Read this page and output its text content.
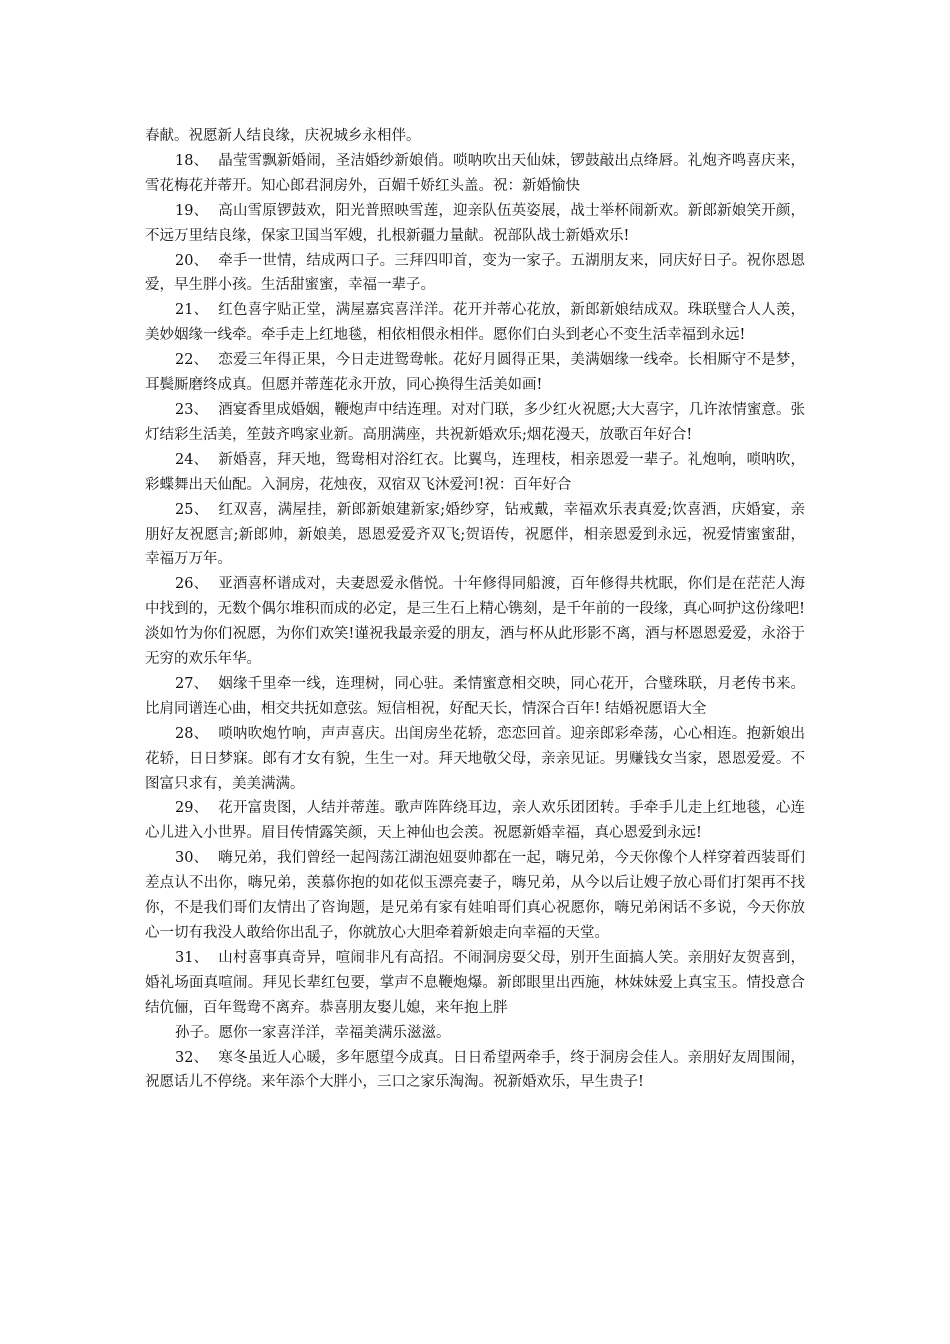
春献。祝愿新人结良缘，庆祝城乡永相伴。

18、 晶莹雪飘新婚闹，圣洁婚纱新娘俏。唢呐吹出天仙妹，锣鼓敲出点绛唇。礼炮齐鸣喜庆来，雪花梅花并蒂开。知心郎君洞房外，百媚千娇红头盖。祝：新婚愉快

19、 高山雪原锣鼓欢，阳光普照映雪莲，迎亲队伍英姿展，战士举杯闹新欢。新郎新娘笑开颜，不远万里结良缘，保家卫国当军嫂，扎根新疆力量献。祝部队战士新婚欢乐!

20、 牵手一世情，结成两口子。三拜四叩首，变为一家子。五湖朋友来，同庆好日子。祝你恩恩爱，早生胖小孩。生活甜蜜蜜，幸福一辈子。

21、 红色喜字贴正堂，满屋嘉宾喜洋洋。花开并蒂心花放，新郎新娘结成双。珠联璧合人人羡，美妙姻缘一线牵。牵手走上红地毯，相依相偎永相伴。愿你们白头到老心不变生活幸福到永远!

22、 恋爱三年得正果，今日走进鸳鸯帐。花好月圆得正果，美满姻缘一线牵。长相厮守不是梦，耳鬓厮磨终成真。但愿并蒂莲花永开放，同心换得生活美如画!

23、 酒宴香里成婚姻，鞭炮声中结连理。对对门联，多少红火祝愿;大大喜字，几许浓情蜜意。张灯结彩生活美，笙鼓齐鸣家业新。高朋满座，共祝新婚欢乐;烟花漫天，放歌百年好合!

24、 新婚喜，拜天地，鸳鸯相对浴红衣。比翼鸟，连理枝，相亲恩爱一辈子。礼炮响，唢呐吹，彩蝶舞出天仙配。入洞房，花烛夜，双宿双飞沐爱河!祝：百年好合

25、 红双喜，满屋挂，新郎新娘建新家;婚纱穿，钻戒戴，幸福欢乐表真爱;饮喜酒，庆婚宴，亲朋好友祝愿言;新郎帅，新娘美，恩恩爱爱齐双飞;贺语传，祝愿伴，相亲恩爱到永远，祝爱情蜜蜜甜，幸福万万年。

26、 亚酒喜杯谱成对，夫妻恩爱永偕悦。十年修得同船渡，百年修得共枕眠，你们是在茫茫人海中找到的，无数个偶尔堆积而成的必定，是三生石上精心镌刻，是千年前的一段缘，真心呵护这份缘吧!淡如竹为你们祝愿，为你们欢笑!谨祝我最亲爱的朋友，酒与杯从此形影不离，酒与杯恩恩爱爱，永浴于无穷的欢乐年华。

27、 姻缘千里牵一线，连理树，同心驻。柔情蜜意相交映，同心花开，合璧珠联，月老传书来。比肩同谱连心曲，相交共抚如意弦。短信相祝，好配天长，情深合百年! 结婚祝愿语大全

28、 唢呐吹炮竹响，声声喜庆。出闺房坐花轿，恋恋回首。迎亲郎彩牵荡，心心相连。抱新娘出花轿，日日梦寐。郎有才女有貌，生生一对。拜天地敬父母，亲亲见证。男赚钱女当家，恩恩爱爱。不图富只求有，美美满满。

29、 花开富贵图，人结并蒂莲。歌声阵阵绕耳边，亲人欢乐团团转。手牵手儿走上红地毯，心连心儿进入小世界。眉目传情露笑颜，天上神仙也会羡。祝愿新婚幸福，真心恩爱到永远!

30、 嗨兄弟，我们曾经一起闯荡江湖泡妞耍帅都在一起，嗨兄弟，今天你像个人样穿着西装哥们差点认不出你，嗨兄弟，羡慕你抱的如花似玉漂亮妻子，嗨兄弟，从今以后让嫂子放心哥们打架再不找你，不是我们哥们友情出了咨询题，是兄弟有家有娃咱哥们真心祝愿你，嗨兄弟闲话不多说，今天你放心一切有我没人敢给你出乱子，你就放心大胆牵着新娘走向幸福的天堂。

31、 山村喜事真奇异，喧闹非凡有高招。不闹洞房耍父母，别开生面搞人笑。亲朋好友贺喜到，婚礼场面真喧闹。拜见长辈红包要，掌声不息鞭炮爆。新郎眼里出西施，林妹妹爱上真宝玉。情投意合结伉俪，百年鸳鸯不离弃。恭喜朋友娶儿媳，来年抱上胖

孙子。愿你一家喜洋洋，幸福美满乐滋滋。

32、 寒冬虽近人心暖，多年愿望今成真。日日希望两牵手，终于洞房会佳人。亲朋好友周围闹，祝愿话儿不停绕。来年添个大胖小，三口之家乐淘淘。祝新婚欢乐，早生贵子!
